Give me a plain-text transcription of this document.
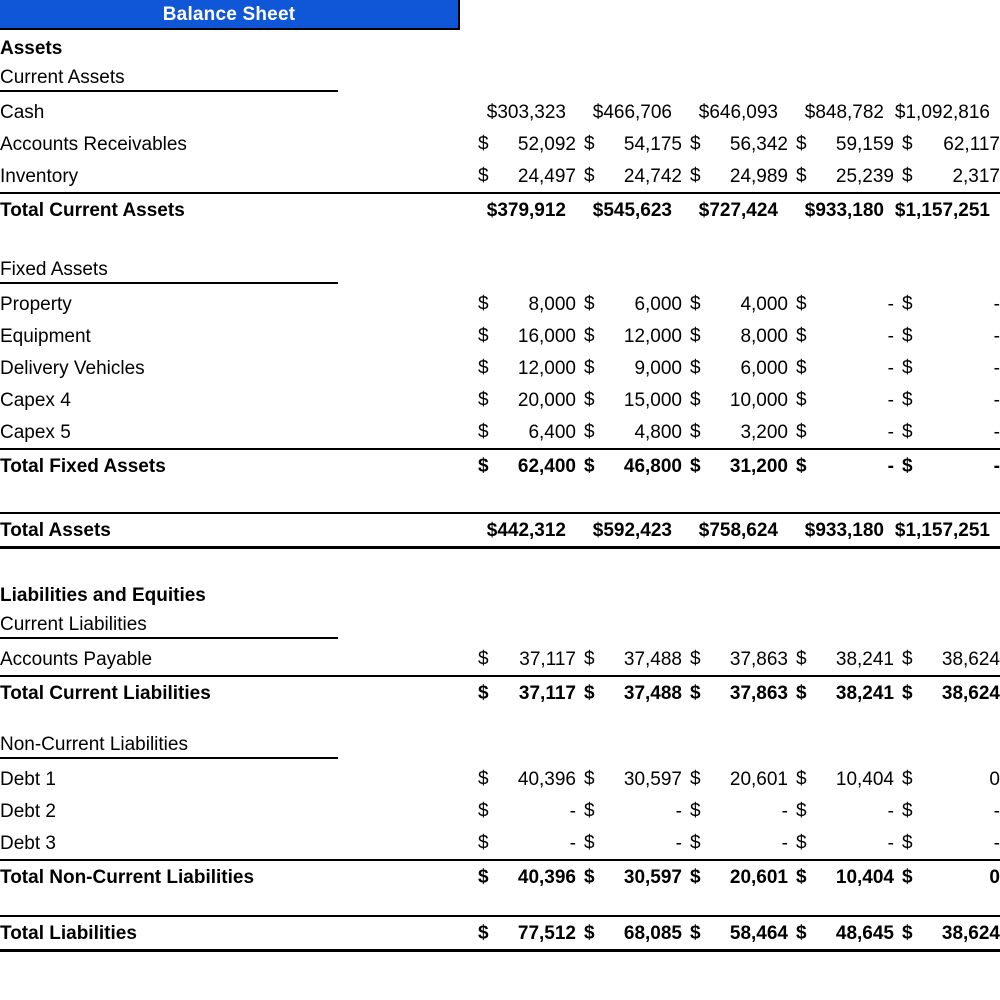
Balance Sheet
Assets					

Current Assets					

Cash	$303,323	$466,706	$646,093	$848,782	$1,092,816
Accounts Receivables	$ 52,092	$ 54,175	$ 56,342	$ 59,159	$ 62,117
Inventory	$ 24,497	$ 24,742	$ 24,989	$ 25,239	$ 2,317
Total Current Assets	$379,912	$545,623	$727,424	$933,180	$1,157,251

Fixed Assets					

Property	$ 8,000	$ 6,000	$ 4,000	$ -	$ -
Equipment	$ 16,000	$ 12,000	$ 8,000	$ -	$ -
Delivery Vehicles	$ 12,000	$ 9,000	$ 6,000	$ -	$ -
Capex 4	$ 20,000	$ 15,000	$ 10,000	$ -	$ -
Capex 5	$ 6,400	$ 4,800	$ 3,200	$ -	$ -
Total Fixed Assets	$ 62,400	$ 46,800	$ 31,200	$ -	$ -

Total Assets	$442,312	$592,423	$758,624	$933,180	$1,157,251

Liabilities and Equities					

Current Liabilities					

Accounts Payable	$ 37,117	$ 37,488	$ 37,863	$ 38,241	$ 38,624
Total Current Liabilities	$ 37,117	$ 37,488	$ 37,863	$ 38,241	$ 38,624

Non-Current Liabilities					

Debt 1	$ 40,396	$ 30,597	$ 20,601	$ 10,404	$ 0
Debt 2	$ -	$ -	$ -	$ -	$ -
Debt 3	$ -	$ -	$ -	$ -	$ -
Total Non-Current Liabilities	$ 40,396	$ 30,597	$ 20,601	$ 10,404	$ 0

Total Liabilities	$ 77,512	$ 68,085	$ 58,464	$ 48,645	$ 38,624
